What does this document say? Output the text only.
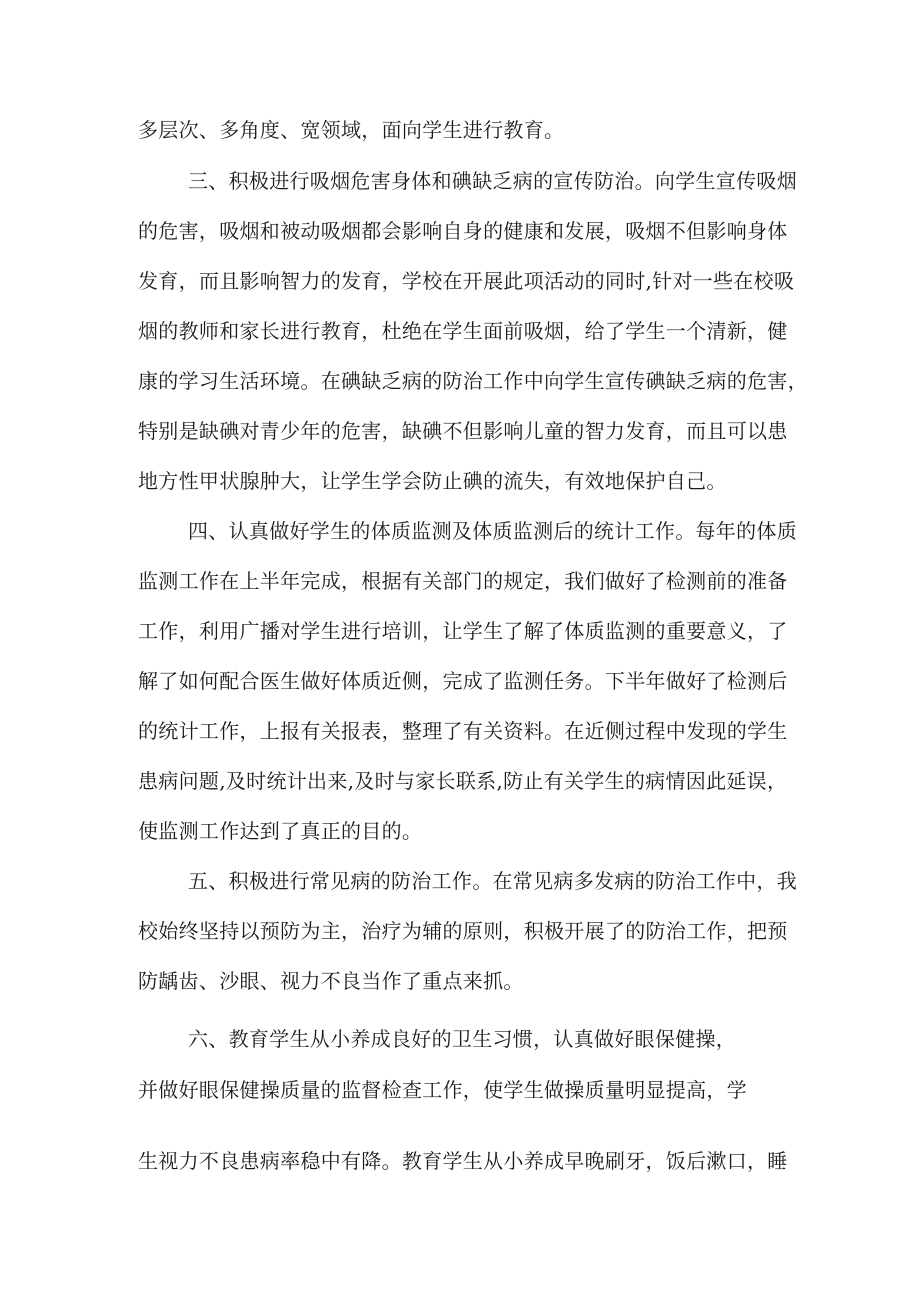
多层次、多角度、宽领域，面向学生进行教育。
三、积极进行吸烟危害身体和碘缺乏病的宣传防治。向学生宣传吸烟
的危害，吸烟和被动吸烟都会影响自身的健康和发展，吸烟不但影响身体
发育，而且影响智力的发育，学校在开展此项活动的同时,针对一些在校吸
烟的教师和家长进行教育，杜绝在学生面前吸烟，给了学生一个清新，健
康的学习生活环境。在碘缺乏病的防治工作中向学生宣传碘缺乏病的危害，
特别是缺碘对青少年的危害，缺碘不但影响儿童的智力发育，而且可以患
地方性甲状腺肿大，让学生学会防止碘的流失，有效地保护自己。
四、认真做好学生的体质监测及体质监测后的统计工作。每年的体质
监测工作在上半年完成，根据有关部门的规定，我们做好了检测前的准备
工作，利用广播对学生进行培训，让学生了解了体质监测的重要意义，了
解了如何配合医生做好体质近侧，完成了监测任务。下半年做好了检测后
的统计工作，上报有关报表，整理了有关资料。在近侧过程中发现的学生
患病问题,及时统计出来,及时与家长联系,防止有关学生的病情因此延误，
使监测工作达到了真正的目的。
五、积极进行常见病的防治工作。在常见病多发病的防治工作中，我
校始终坚持以预防为主，治疗为辅的原则，积极开展了的防治工作，把预
防龋齿、沙眼、视力不良当作了重点来抓。
六、教育学生从小养成良好的卫生习惯，认真做好眼保健操，
并做好眼保健操质量的监督检查工作，使学生做操质量明显提高，学
生视力不良患病率稳中有降。教育学生从小养成早晚刷牙，饭后漱口，睡
